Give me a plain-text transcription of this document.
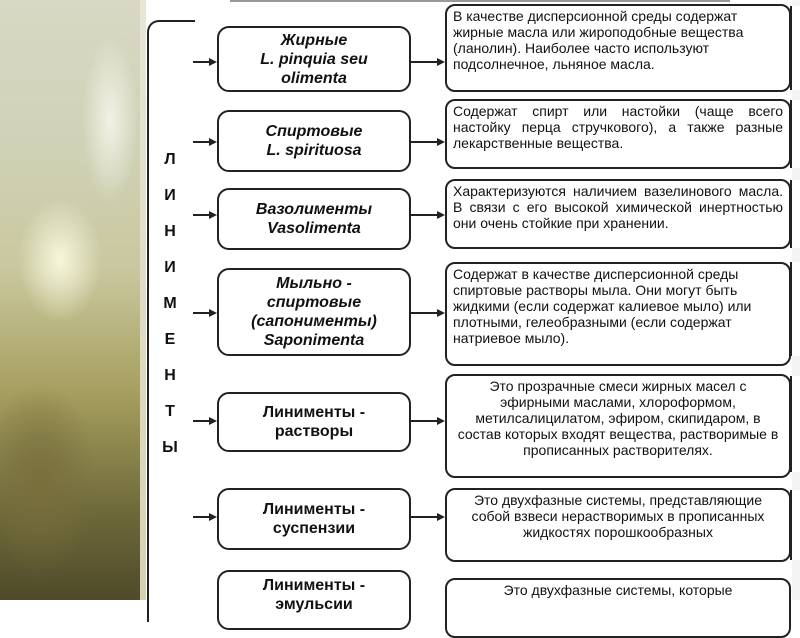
Л
И
Н
И
М
Е
Н
Т
Ы
Жирные
L. pinquia seu
olimenta
В качестве дисперсионной среды содержат жирные масла или жироподобные вещества (ланолин). Наиболее часто используют подсолнечное, льняное масла.
Спиртовые
L. spirituosa
Содержат спирт или настойки (чаще всего настойку перца стручкового), а также разные лекарственные вещества.
Вазолименты
Vasolimenta
Характеризуются наличием вазелинового масла. В связи с его высокой химической инертностью они очень стойкие при хранении.
Мыльно -
спиртовые
(сапонименты)
Saponimenta
Содержат в качестве дисперсионной среды спиртовые растворы мыла. Они могут быть жидкими (если содержат калиевое мыло) или плотными, гелеобразными (если содержат натриевое мыло).
Линименты -
растворы
Это прозрачные смеси жирных масел с эфирными маслами, хлороформом, метилсалицилатом, эфиром, скипидаром, в состав которых входят вещества, растворимые в прописанных растворителях.
Линименты -
суспензии
Это двухфазные системы, представляющие собой взвеси нерастворимых в прописанных жидкостях порошкообразных
Линименты -
эмульсии
Это двухфазные системы, которые
